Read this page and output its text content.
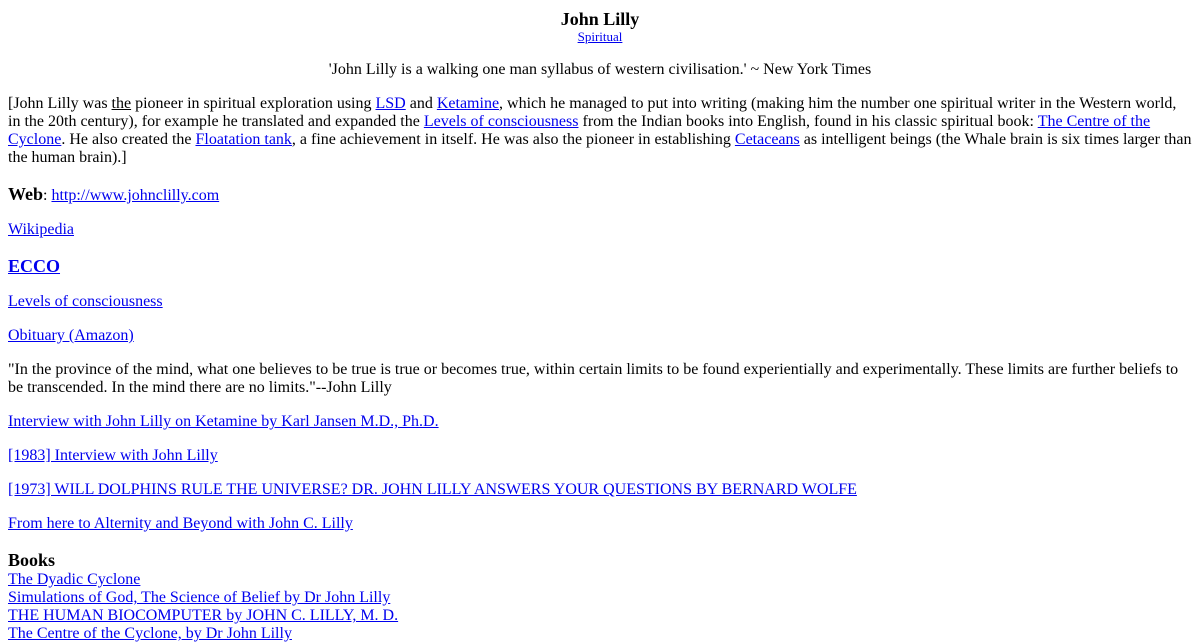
John Lilly
Spiritual
'John Lilly is a walking one man syllabus of western civilisation.' ~ New York Times

[John Lilly was the pioneer in spiritual exploration using LSD and Ketamine, which he managed to put into writing (making him the number one spiritual writer in the Western world, in the 20th century), for example he translated and expanded the Levels of consciousness from the Indian books into English, found in his classic spiritual book: The Centre of the Cyclone. He also created the Floatation tank, a fine achievement in itself. He was also the pioneer in establishing Cetaceans as intelligent beings (the Whale brain is six times larger than the human brain).]

Web: http://www.johnclilly.com

Wikipedia

ECCO

Levels of consciousness

Obituary (Amazon)

"In the province of the mind, what one believes to be true is true or becomes true, within certain limits to be found experientially and experimentally. These limits are further beliefs to be transcended. In the mind there are no limits."--John Lilly

Interview with John Lilly on Ketamine by Karl Jansen M.D., Ph.D.

[1983] Interview with John Lilly

[1973] WILL DOLPHINS RULE THE UNIVERSE? DR. JOHN LILLY ANSWERS YOUR QUESTIONS BY BERNARD WOLFE

From here to Alternity and Beyond with John C. Lilly

Books
The Dyadic Cyclone
Simulations of God, The Science of Belief by Dr John Lilly
THE HUMAN BIOCOMPUTER by JOHN C. LILLY, M. D.
The Centre of the Cyclone, by Dr John Lilly
